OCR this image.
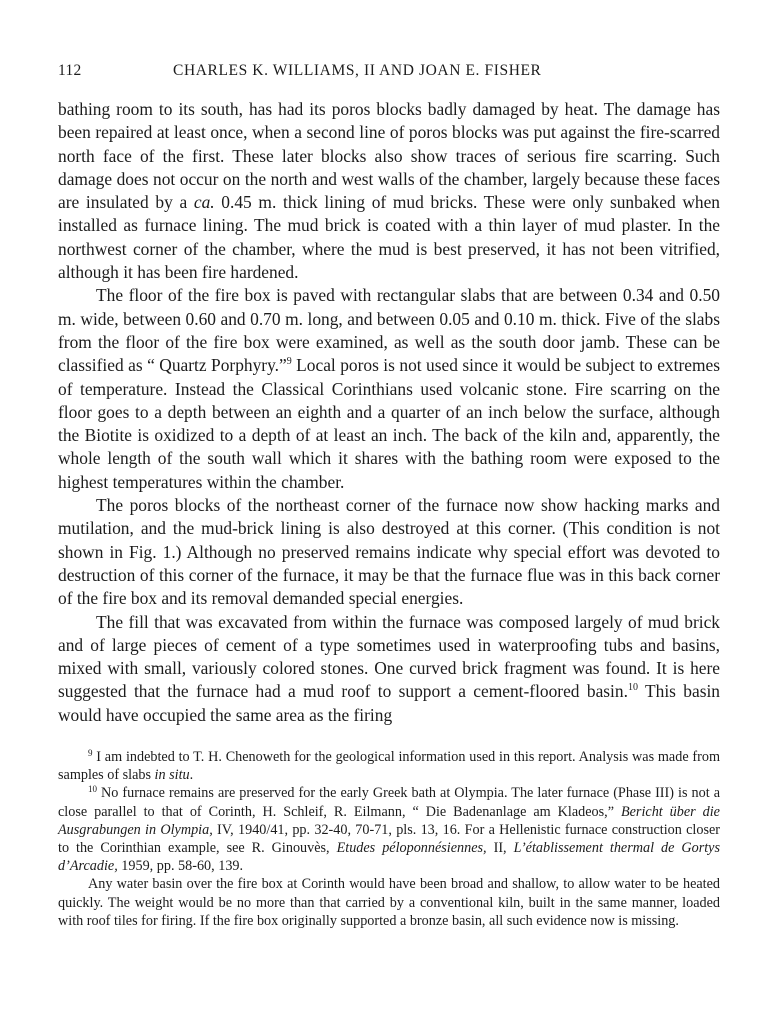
112	CHARLES K. WILLIAMS, II AND JOAN E. FISHER

bathing room to its south, has had its poros blocks badly damaged by heat. The damage has been repaired at least once, when a second line of poros blocks was put against the fire-scarred north face of the first. These later blocks also show traces of serious fire scarring. Such damage does not occur on the north and west walls of the chamber, largely because these faces are insulated by a ca. 0.45 m. thick lining of mud bricks. These were only sunbaked when installed as furnace lining. The mud brick is coated with a thin layer of mud plaster. In the northwest corner of the chamber, where the mud is best preserved, it has not been vitrified, although it has been fire hardened.

The floor of the fire box is paved with rectangular slabs that are between 0.34 and 0.50 m. wide, between 0.60 and 0.70 m. long, and between 0.05 and 0.10 m. thick. Five of the slabs from the floor of the fire box were examined, as well as the south door jamb. These can be classified as “ Quartz Porphyry.”$^9$ Local poros is not used since it would be subject to extremes of temperature. Instead the Classical Corinthians used volcanic stone. Fire scarring on the floor goes to a depth between an eighth and a quarter of an inch below the surface, although the Biotite is oxidized to a depth of at least an inch. The back of the kiln and, apparently, the whole length of the south wall which it shares with the bathing room were exposed to the highest temperatures within the chamber.

The poros blocks of the northeast corner of the furnace now show hacking marks and mutilation, and the mud-brick lining is also destroyed at this corner. (This condition is not shown in Fig. 1.) Although no preserved remains indicate why special effort was devoted to destruction of this corner of the furnace, it may be that the furnace flue was in this back corner of the fire box and its removal demanded special energies.

The fill that was excavated from within the furnace was composed largely of mud brick and of large pieces of cement of a type sometimes used in waterproofing tubs and basins, mixed with small, variously colored stones. One curved brick fragment was found. It is here suggested that the furnace had a mud roof to support a cement-floored basin.$^{10}$ This basin would have occupied the same area as the firing

$^9$ I am indebted to T. H. Chenoweth for the geological information used in this report. Analysis was made from samples of slabs in situ.

$^{10}$ No furnace remains are preserved for the early Greek bath at Olympia. The later furnace (Phase III) is not a close parallel to that of Corinth, H. Schleif, R. Eilmann, “ Die Badenanlage am Kladeos,” Bericht über die Ausgrabungen in Olympia, IV, 1940/41, pp. 32-40, 70-71, pls. 13, 16. For a Hellenistic furnace construction closer to the Corinthian example, see R. Ginouvès, Etudes péloponnésiennes, II, L’établissement thermal de Gortys d’Arcadie, 1959, pp. 58-60, 139.

Any water basin over the fire box at Corinth would have been broad and shallow, to allow water to be heated quickly. The weight would be no more than that carried by a conventional kiln, built in the same manner, loaded with roof tiles for firing. If the fire box originally supported a bronze basin, all such evidence now is missing.
